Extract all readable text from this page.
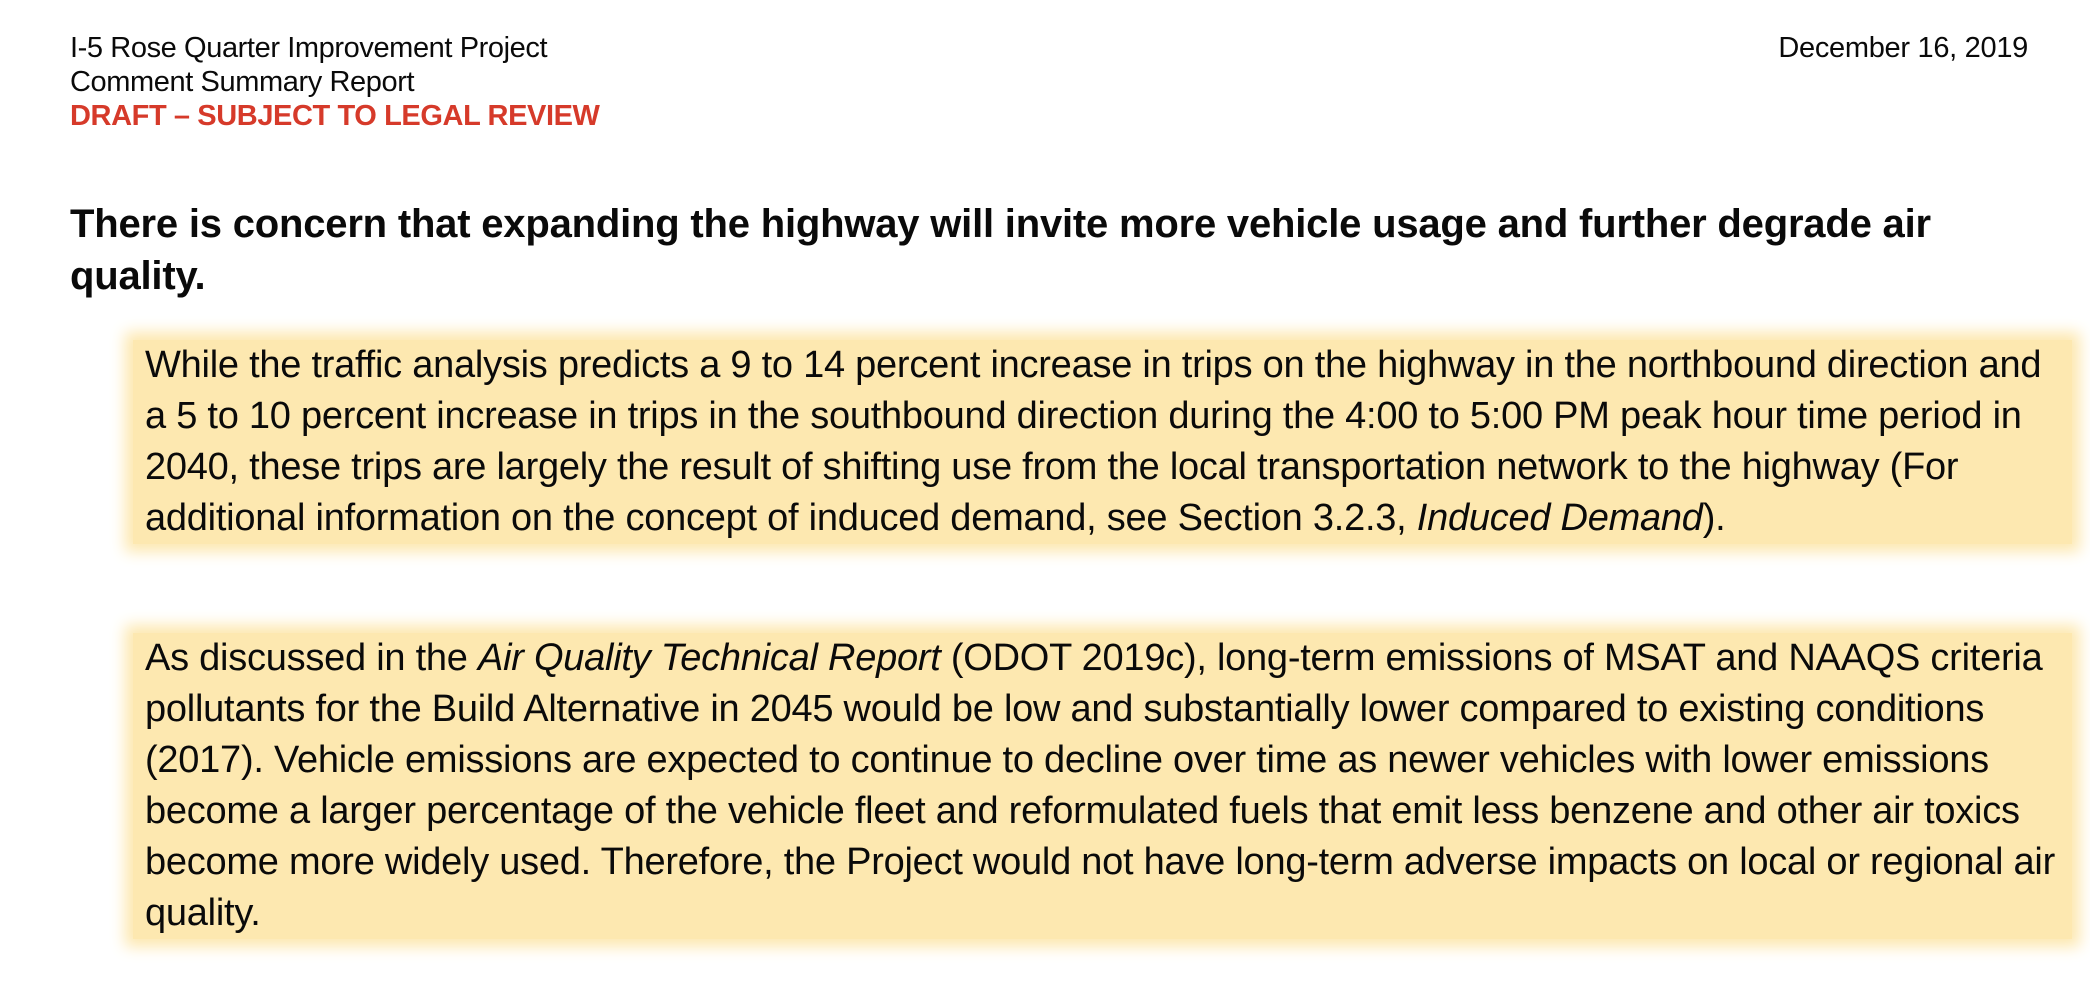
I-5 Rose Quarter Improvement Project
Comment Summary Report
DRAFT – SUBJECT TO LEGAL REVIEW
December 16, 2019
There is concern that expanding the highway will invite more vehicle usage and further degrade air quality.
While the traffic analysis predicts a 9 to 14 percent increase in trips on the highway in the northbound direction and a 5 to 10 percent increase in trips in the southbound direction during the 4:00 to 5:00 PM peak hour time period in 2040, these trips are largely the result of shifting use from the local transportation network to the highway (For additional information on the concept of induced demand, see Section 3.2.3, Induced Demand).
As discussed in the Air Quality Technical Report (ODOT 2019c), long-term emissions of MSAT and NAAQS criteria pollutants for the Build Alternative in 2045 would be low and substantially lower compared to existing conditions (2017). Vehicle emissions are expected to continue to decline over time as newer vehicles with lower emissions become a larger percentage of the vehicle fleet and reformulated fuels that emit less benzene and other air toxics become more widely used. Therefore, the Project would not have long-term adverse impacts on local or regional air quality.
